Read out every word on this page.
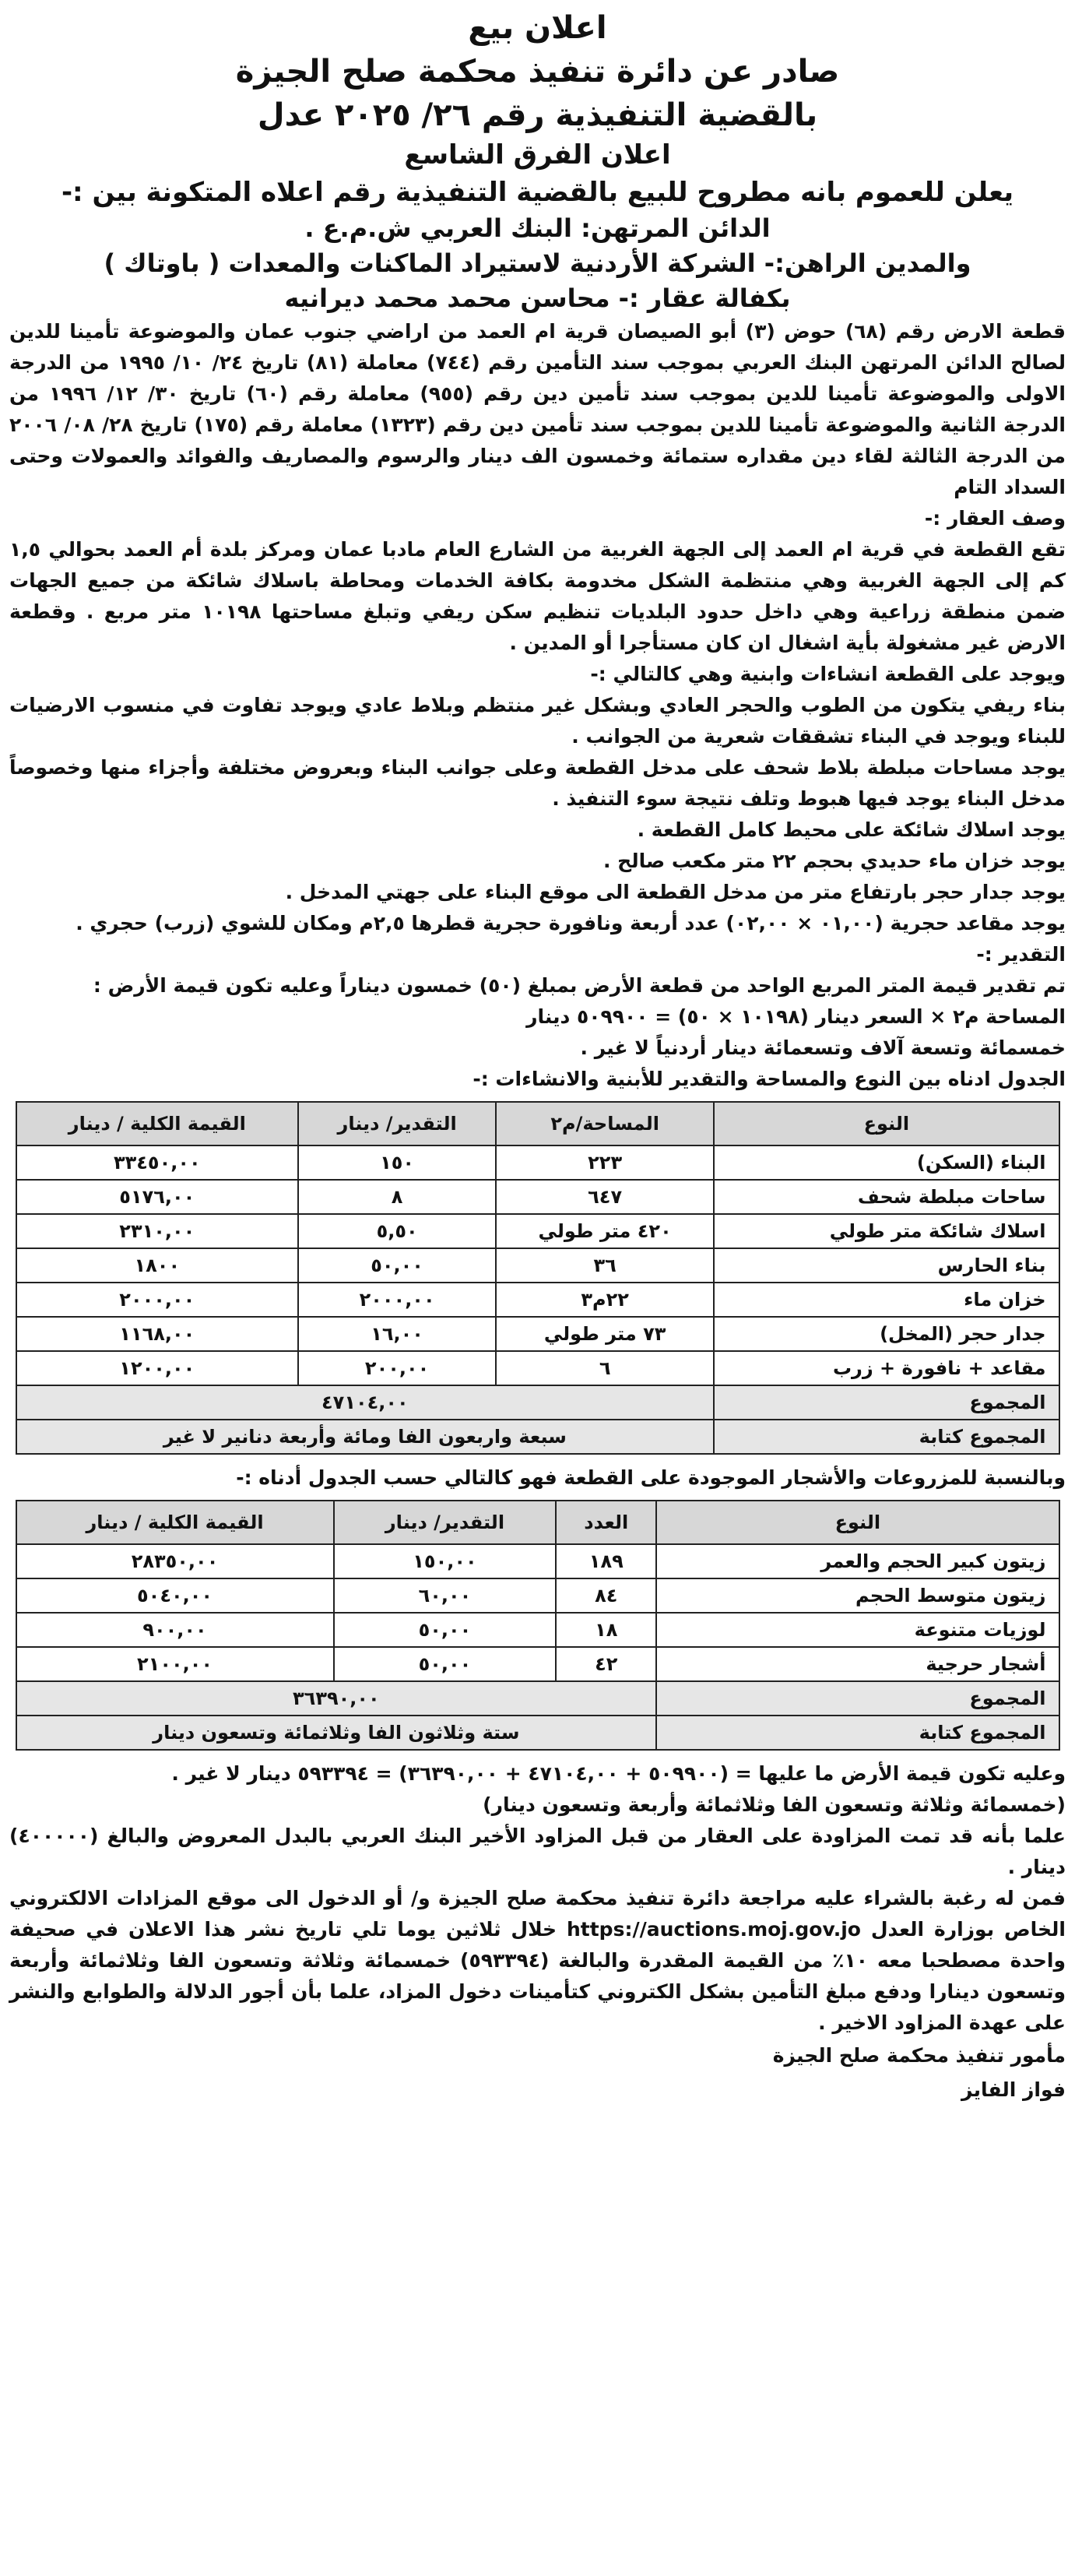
اعلان بيع

صادر عن دائرة تنفيذ محكمة صلح الجيزة

بالقضية التنفيذية رقم ٢٦/ ٢٠٢٥ عدل

اعلان الفرق الشاسع

يعلن للعموم بانه مطروح للبيع بالقضية التنفيذية رقم اعلاه المتكونة بين :-

الدائن المرتهن: البنك العربي ش.م.ع .

والمدين الراهن:- الشركة الأردنية لاستيراد الماكنات والمعدات ( باوتاك )

بكفالة عقار :- محاسن محمد محمد ديرانيه

قطعة الارض رقم (٦٨) حوض (٣) أبو الصيصان قرية ام العمد من اراضي جنوب عمان والموضوعة تأمينا للدين لصالح الدائن المرتهن البنك العربي بموجب سند التأمين رقم (٧٤٤) معاملة (٨١) تاريخ ٢٤/ ١٠/ ١٩٩٥ من الدرجة الاولى والموضوعة تأمينا للدين بموجب سند تأمين دين رقم (٩٥٥) معاملة رقم (٦٠) تاريخ ٣٠/ ١٢/ ١٩٩٦ من الدرجة الثانية والموضوعة تأمينا للدين بموجب سند تأمين دين رقم (١٣٢٣) معاملة رقم (١٧٥) تاريخ ٢٨/ ٠٨/ ٢٠٠٦ من الدرجة الثالثة لقاء دين مقداره ستمائة وخمسون الف دينار والرسوم والمصاريف والفوائد والعمولات وحتى السداد التام

وصف العقار :-

تقع القطعة في قرية ام العمد إلى الجهة الغربية من الشارع العام مادبا عمان ومركز بلدة أم العمد بحوالي ١,٥ كم إلى الجهة الغربية وهي منتظمة الشكل مخدومة بكافة الخدمات ومحاطة باسلاك شائكة من جميع الجهات ضمن منطقة زراعية وهي داخل حدود البلديات تنظيم سكن ريفي وتبلغ مساحتها ١٠١٩٨ متر مربع . وقطعة الارض غير مشغولة بأية اشغال ان كان مستأجرا أو المدين .

ويوجد على القطعة انشاءات وابنية وهي كالتالي :-

بناء ريفي يتكون من الطوب والحجر العادي وبشكل غير منتظم وبلاط عادي ويوجد تفاوت في منسوب الارضيات للبناء ويوجد في البناء تشققات شعرية من الجوانب .

يوجد مساحات مبلطة بلاط شحف على مدخل القطعة وعلى جوانب البناء وبعروض مختلفة وأجزاء منها وخصوصاً مدخل البناء يوجد فيها هبوط وتلف نتيجة سوء التنفيذ .

يوجد اسلاك شائكة على محيط كامل القطعة .

يوجد خزان ماء حديدي بحجم ٢٢ متر مكعب صالح .

يوجد جدار حجر بارتفاع متر من مدخل القطعة الى موقع البناء على جهتي المدخل .

يوجد مقاعد حجرية (٠١,٠٠ × ٠٢,٠٠) عدد أربعة ونافورة حجرية قطرها ٢,٥م ومكان للشوي (زرب) حجري .

التقدير :-

تم تقدير قيمة المتر المربع الواحد من قطعة الأرض بمبلغ (٥٠) خمسون ديناراً وعليه تكون قيمة الأرض :

المساحة م٢ × السعر دينار (١٠١٩٨ × ٥٠) = ٥٠٩٩٠٠ دينار

خمسمائة وتسعة آلاف وتسعمائة دينار أردنياً لا غير .

الجدول ادناه بين النوع والمساحة والتقدير للأبنية والانشاءات :-

النوع	المساحة/م٢	التقدير/ دينار	القيمة الكلية / دينار
البناء (السكن)	٢٢٣	١٥٠	٣٣٤٥٠,٠٠
ساحات مبلطة شحف	٦٤٧	٨	٥١٧٦,٠٠
اسلاك شائكة متر طولي	٤٢٠ متر طولي	٥,٥٠	٢٣١٠,٠٠
بناء الحارس	٣٦	٥٠,٠٠	١٨٠٠
خزان ماء	٢٢م٣	٢٠٠٠,٠٠	٢٠٠٠,٠٠
جدار حجر (المخل)	٧٣ متر طولي	١٦,٠٠	١١٦٨,٠٠
مقاعد + نافورة + زرب	٦	٢٠٠,٠٠	١٢٠٠,٠٠
المجموع	٤٧١٠٤,٠٠		
المجموع كتابة	سبعة واربعون الفا ومائة وأربعة دنانير لا غير		

وبالنسبة للمزروعات والأشجار الموجودة على القطعة فهو كالتالي حسب الجدول أدناه :-

النوع	العدد	التقدير/ دينار	القيمة الكلية / دينار
زيتون كبير الحجم والعمر	١٨٩	١٥٠,٠٠	٢٨٣٥٠,٠٠
زيتون متوسط الحجم	٨٤	٦٠,٠٠	٥٠٤٠,٠٠
لوزيات متنوعة	١٨	٥٠,٠٠	٩٠٠,٠٠
أشجار حرجية	٤٢	٥٠,٠٠	٢١٠٠,٠٠
المجموع	٣٦٣٩٠,٠٠		
المجموع كتابة	ستة وثلاثون الفا وثلاثمائة وتسعون دينار		

وعليه تكون قيمة الأرض ما عليها = (٥٠٩٩٠٠ + ٤٧١٠٤,٠٠ + ٣٦٣٩٠,٠٠) = ٥٩٣٣٩٤ دينار لا غير .

(خمسمائة وثلاثة وتسعون الفا وثلاثمائة وأربعة وتسعون دينار)

علما بأنه قد تمت المزاودة على العقار من قبل المزاود الأخير البنك العربي بالبدل المعروض والبالغ (٤٠٠٠٠٠) دينار .

فمن له رغبة بالشراء عليه مراجعة دائرة تنفيذ محكمة صلح الجيزة و/ أو الدخول الى موقع المزادات الالكتروني الخاص بوزارة العدل https://auctions.moj.gov.jo خلال ثلاثين يوما تلي تاريخ نشر هذا الاعلان في صحيفة واحدة مصطحبا معه ١٠٪ من القيمة المقدرة والبالغة (٥٩٣٣٩٤) خمسمائة وثلاثة وتسعون الفا وثلاثمائة وأربعة وتسعون دينارا ودفع مبلغ التأمين بشكل الكتروني كتأمينات دخول المزاد، علما بأن أجور الدلالة والطوابع والنشر على عهدة المزاود الاخير .

مأمور تنفيذ محكمة صلح الجيزة

فواز الفايز
